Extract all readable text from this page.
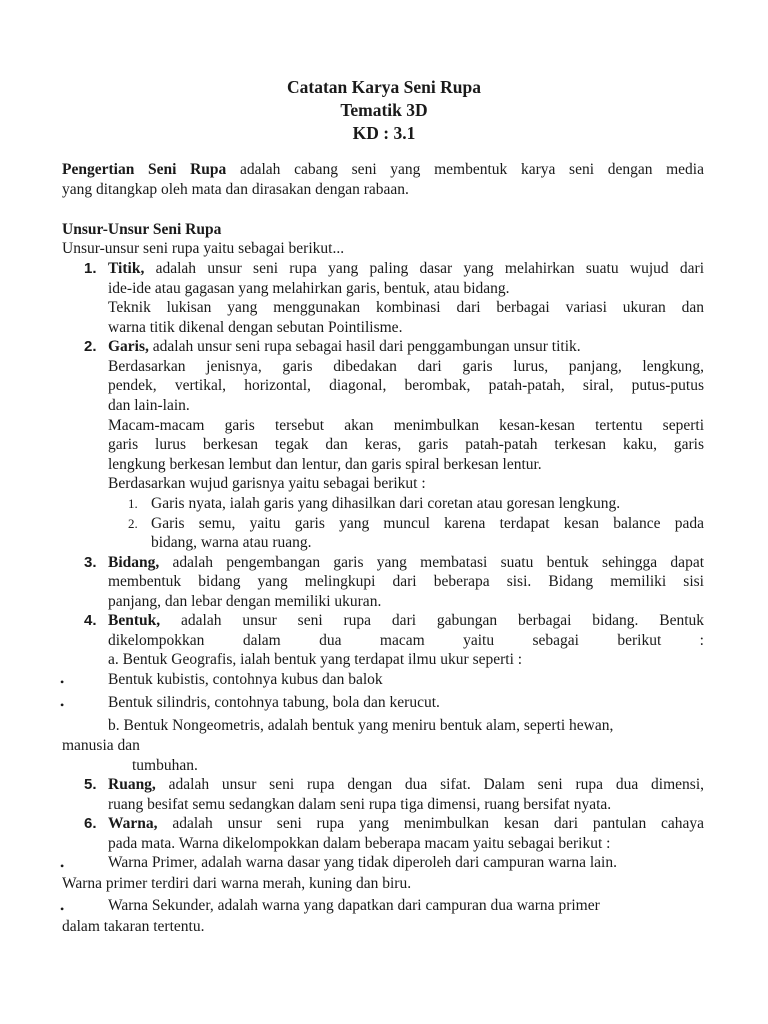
Catatan Karya Seni Rupa
Tematik 3D
KD : 3.1
Pengertian Seni Rupa adalah cabang seni yang membentuk karya seni dengan media
yang ditangkap oleh mata dan dirasakan dengan rabaan.
Unsur-Unsur Seni Rupa
Unsur-unsur seni rupa yaitu sebagai berikut...
1. Titik, adalah unsur seni rupa yang paling dasar yang melahirkan suatu wujud dari
ide-ide atau gagasan yang melahirkan garis, bentuk, atau bidang.
Teknik lukisan yang menggunakan kombinasi dari berbagai variasi ukuran dan
warna titik dikenal dengan sebutan Pointilisme.
2. Garis, adalah unsur seni rupa sebagai hasil dari penggambungan unsur titik.
Berdasarkan jenisnya, garis dibedakan dari garis lurus, panjang, lengkung,
pendek, vertikal, horizontal, diagonal, berombak, patah-patah, siral, putus-putus
dan lain-lain.
Macam-macam garis tersebut akan menimbulkan kesan-kesan tertentu seperti
garis lurus berkesan tegak dan keras, garis patah-patah terkesan kaku, garis
lengkung berkesan lembut dan lentur, dan garis spiral berkesan lentur.
Berdasarkan wujud garisnya yaitu sebagai berikut :
1. Garis nyata, ialah garis yang dihasilkan dari coretan atau goresan lengkung.
2. Garis semu, yaitu garis yang muncul karena terdapat kesan balance pada
bidang, warna atau ruang.
3. Bidang, adalah pengembangan garis yang membatasi suatu bentuk sehingga dapat
membentuk bidang yang melingkupi dari beberapa sisi. Bidang memiliki sisi
panjang, dan lebar dengan memiliki ukuran.
4. Bentuk, adalah unsur seni rupa dari gabungan berbagai bidang. Bentuk
dikelompokkan dalam dua macam yaitu sebagai berikut :
a. Bentuk Geografis, ialah bentuk yang terdapat ilmu ukur seperti :
•	Bentuk kubistis, contohnya kubus dan balok
•	Bentuk silindris, contohnya tabung, bola dan kerucut.
b. Bentuk Nongeometris, adalah bentuk yang meniru bentuk alam, seperti hewan,
manusia dan
tumbuhan.
5. Ruang, adalah unsur seni rupa dengan dua sifat. Dalam seni rupa dua dimensi,
ruang besifat semu sedangkan dalam seni rupa tiga dimensi, ruang bersifat nyata.
6. Warna, adalah unsur seni rupa yang menimbulkan kesan dari pantulan cahaya
pada mata. Warna dikelompokkan dalam beberapa macam yaitu sebagai berikut :
•	Warna Primer, adalah warna dasar yang tidak diperoleh dari campuran warna lain.
Warna primer terdiri dari warna merah, kuning dan biru.
•	Warna Sekunder, adalah warna yang dapatkan dari campuran dua warna primer
dalam takaran tertentu.
